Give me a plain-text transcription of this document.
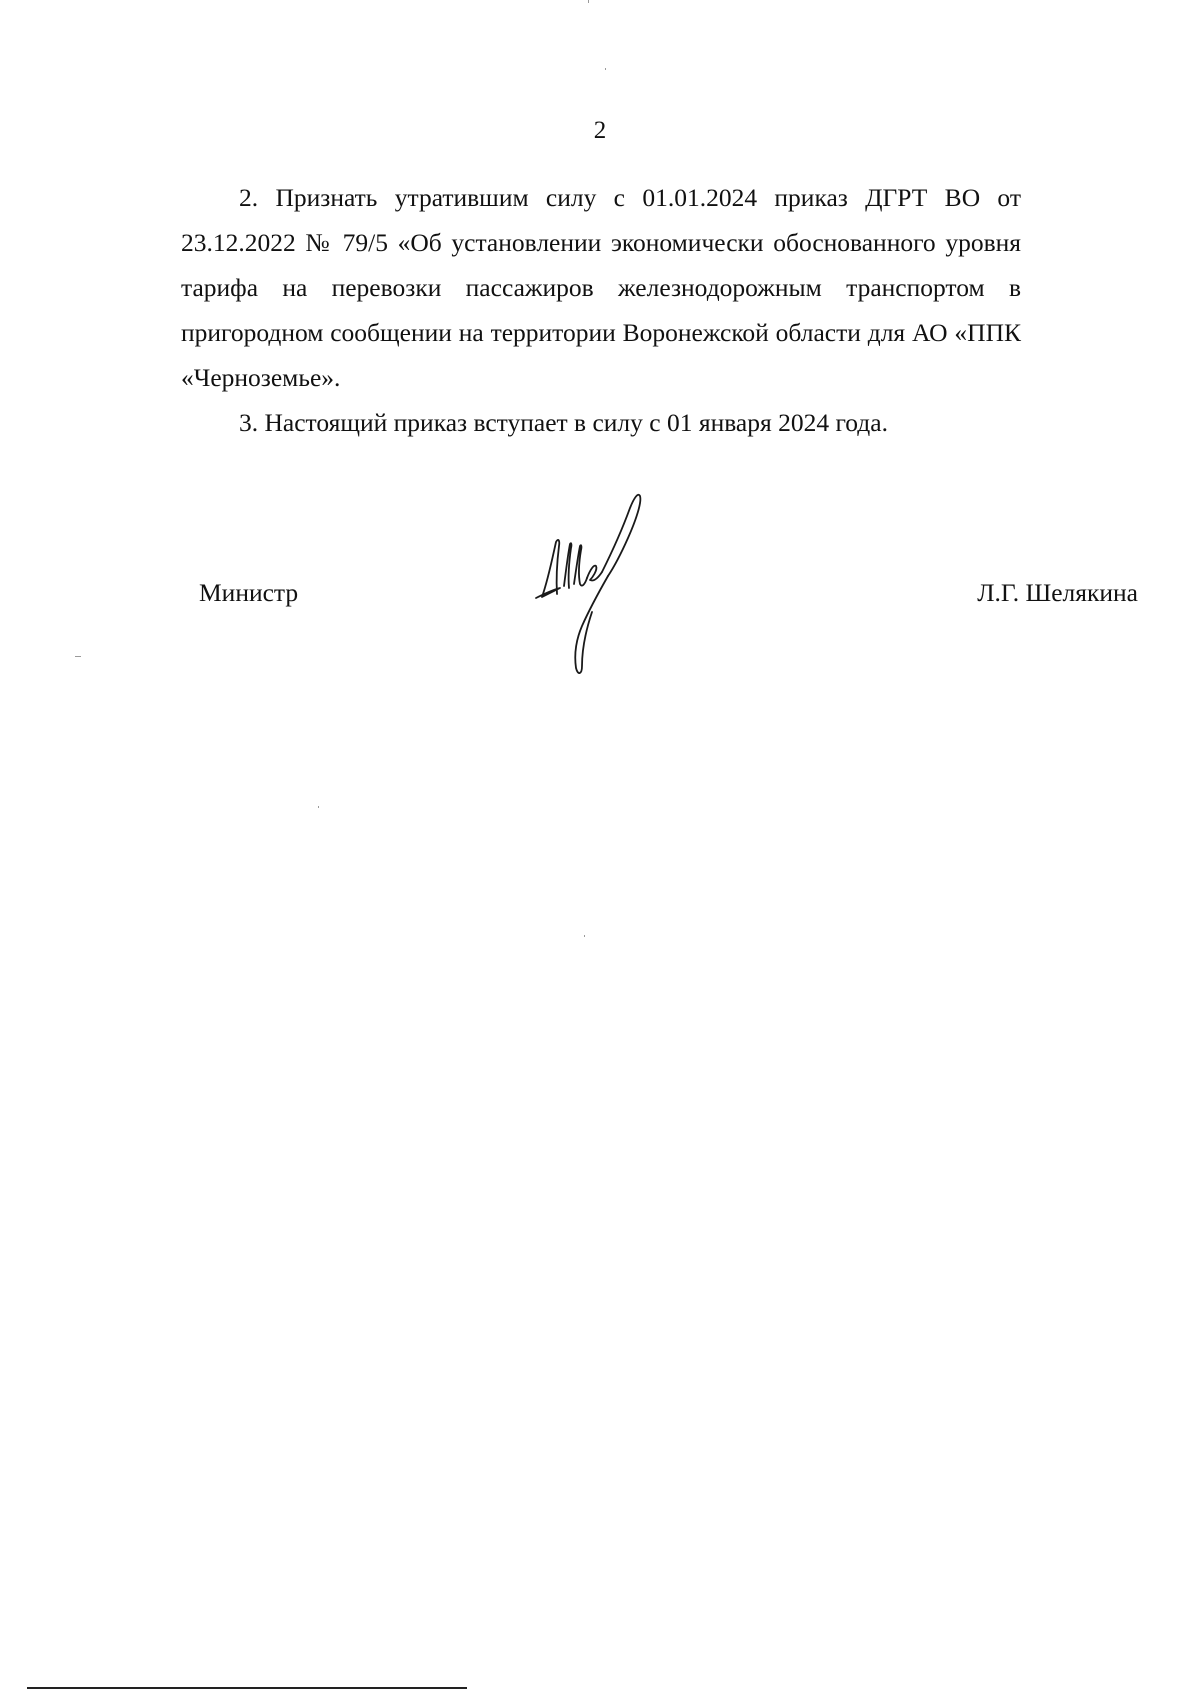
2

2. Признать утратившим силу с 01.01.2024 приказ ДГРТ ВО от 23.12.2022 № 79/5 «Об установлении экономически обоснованного уровня тарифа на перевозки пассажиров железнодорожным транспортом в пригородном сообщении на территории Воронежской области для АО «ППК «Черноземье».

3. Настоящий приказ вступает в силу с 01 января 2024 года.

Министр	Л.Г. Шелякина
